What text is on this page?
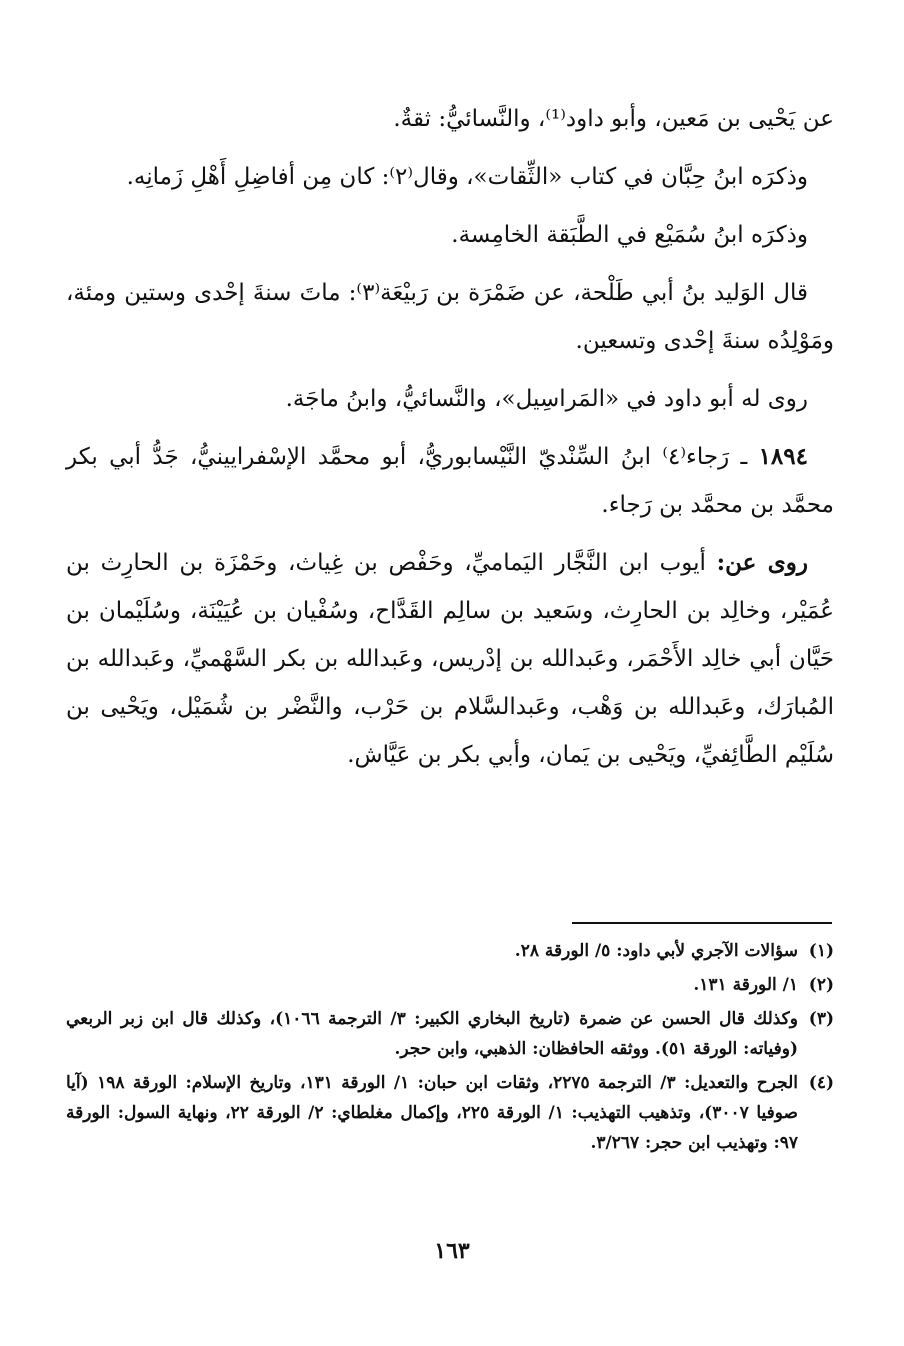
عن يَحْيى بن مَعين، وأبو داود⁽¹⁾، والنَّسائيُّ: ثقةٌ.

وذكرَه ابنُ حِبَّان في كتاب «الثِّقات»، وقال⁽٢⁾: كان مِن أفاضِلِ أَهْلِ زَمانِه.

وذكرَه ابنُ سُمَيْع في الطَّبَقة الخامِسة.

قال الوَليد بنُ أبي طَلْحة، عن ضَمْرَة بن رَبيْعَة⁽٣⁾: ماتَ سنةَ إحْدى وستين ومئة، ومَوْلِدُه سنةَ إحْدى وتسعين.

روى له أبو داود في «المَراسِيل»، والنَّسائيُّ، وابنُ ماجَة.

١٨٩٤ ـ رَجاء⁽٤⁾ ابنُ السِّنْديّ النَّيْسابوريُّ، أبو محمَّد الإسْفرايينيُّ، جَدُّ أبي بكر محمَّد بن محمَّد بن رَجاء.

روى عن: أيوب ابن النَّجَّار اليَماميِّ، وحَفْص بن غِياث، وحَمْزَة بن الحارِث بن عُمَيْر، وخالِد بن الحارِث، وسَعيد بن سالِم القَدَّاح، وسُفْيان بن عُيَيْنَة، وسُلَيْمان بن حَيَّان أبي خالِد الأَحْمَر، وعَبدالله بن إدْريس، وعَبدالله بن بكر السَّهْميِّ، وعَبدالله بن المُبارَك، وعَبدالله بن وَهْب، وعَبدالسَّلام بن حَرْب، والنَّضْر بن شُمَيْل، ويَحْيى بن سُلَيْم الطَّائِفيِّ، ويَحْيى بن يَمان، وأبي بكر بن عَيَّاش.

(١)
سؤالات الآجري لأبي داود: ٥/ الورقة ٢٨.
(٢)
١/ الورقة ١٣١.
(٣)
وكذلك قال الحسن عن ضمرة (تاريخ البخاري الكبير: ٣/ الترجمة ١٠٦٦)، وكذلك قال ابن زبر الربعي (وفياته: الورقة ٥١). ووثقه الحافظان: الذهبي، وابن حجر.
(٤)
الجرح والتعديل: ٣/ الترجمة ٢٢٧٥، وثقات ابن حبان: ١/ الورقة ١٣١، وتاريخ الإسلام: الورقة ١٩٨ (آيا صوفيا ٣٠٠٧)، وتذهيب التهذيب: ١/ الورقة ٢٢٥، وإكمال مغلطاي: ٢/ الورقة ٢٢، ونهاية السول: الورقة ٩٧: وتهذيب ابن حجر: ٣/٢٦٧.
١٦٣
